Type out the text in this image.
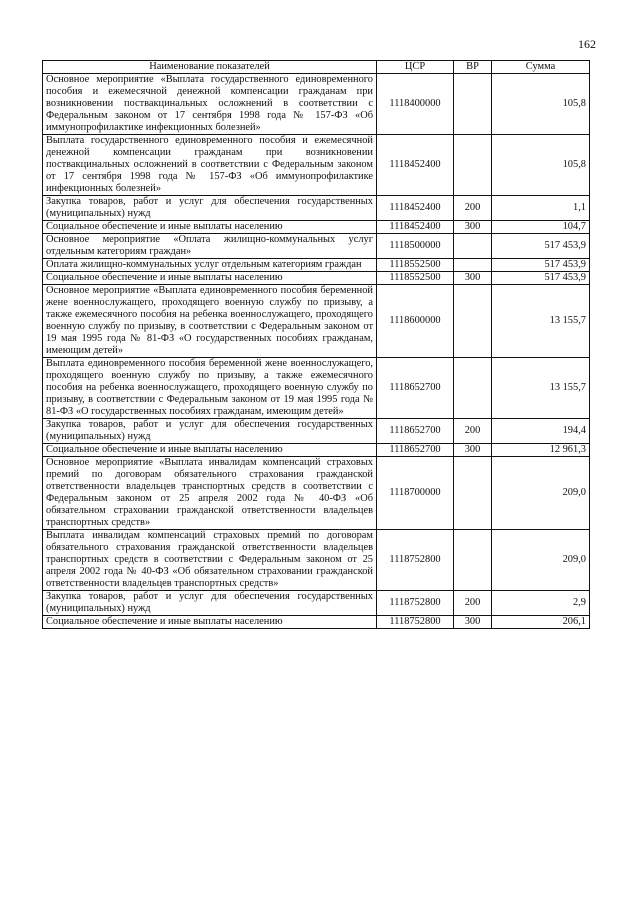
162
Наименование показателей	ЦСР	ВР	Сумма
Основное мероприятие «Выплата государственного единовременного пособия и ежемесячной денежной компенсации гражданам при возникновении поствакцинальных осложнений в соответствии с Федеральным законом от 17 сентября 1998 года № 157-ФЗ «Об иммунопрофилактике инфекционных болезней»	1118400000		105,8
Выплата государственного единовременного пособия и ежемесячной денежной компенсации гражданам при возникновении поствакцинальных осложнений в соответствии с Федеральным законом от 17 сентября 1998 года № 157-ФЗ «Об иммунопрофилактике инфекционных болезней»	1118452400		105,8
Закупка товаров, работ и услуг для обеспечения государственных (муниципальных) нужд	1118452400	200	1,1
Социальное обеспечение и иные выплаты населению	1118452400	300	104,7
Основное мероприятие «Оплата жилищно-коммунальных услуг отдельным категориям граждан»	1118500000		517 453,9
Оплата жилищно-коммунальных услуг отдельным категориям граждан	1118552500		517 453,9
Социальное обеспечение и иные выплаты населению	1118552500	300	517 453,9
Основное мероприятие «Выплата единовременного пособия беременной жене военнослужащего, проходящего военную службу по призыву, а также ежемесячного пособия на ребенка военнослужащего, проходящего военную службу по призыву, в соответствии с Федеральным законом от 19 мая 1995 года № 81-ФЗ «О государственных пособиях гражданам, имеющим детей»	1118600000		13 155,7
Выплата единовременного пособия беременной жене военнослужащего, проходящего военную службу по призыву, а также ежемесячного пособия на ребенка военнослужащего, проходящего военную службу по призыву, в соответствии с Федеральным законом от 19 мая 1995 года № 81-ФЗ «О государственных пособиях гражданам, имеющим детей»	1118652700		13 155,7
Закупка товаров, работ и услуг для обеспечения государственных (муниципальных) нужд	1118652700	200	194,4
Социальное обеспечение и иные выплаты населению	1118652700	300	12 961,3
Основное мероприятие «Выплата инвалидам компенсаций страховых премий по договорам обязательного страхования гражданской ответственности владельцев транспортных средств в соответствии с Федеральным законом от 25 апреля 2002 года № 40-ФЗ «Об обязательном страховании гражданской ответственности владельцев транспортных средств»	1118700000		209,0
Выплата инвалидам компенсаций страховых премий по договорам обязательного страхования гражданской ответственности владельцев транспортных средств в соответствии с Федеральным законом от 25 апреля 2002 года № 40-ФЗ «Об обязательном страховании гражданской ответственности владельцев транспортных средств»	1118752800		209,0
Закупка товаров, работ и услуг для обеспечения государственных (муниципальных) нужд	1118752800	200	2,9
Социальное обеспечение и иные выплаты населению	1118752800	300	206,1
